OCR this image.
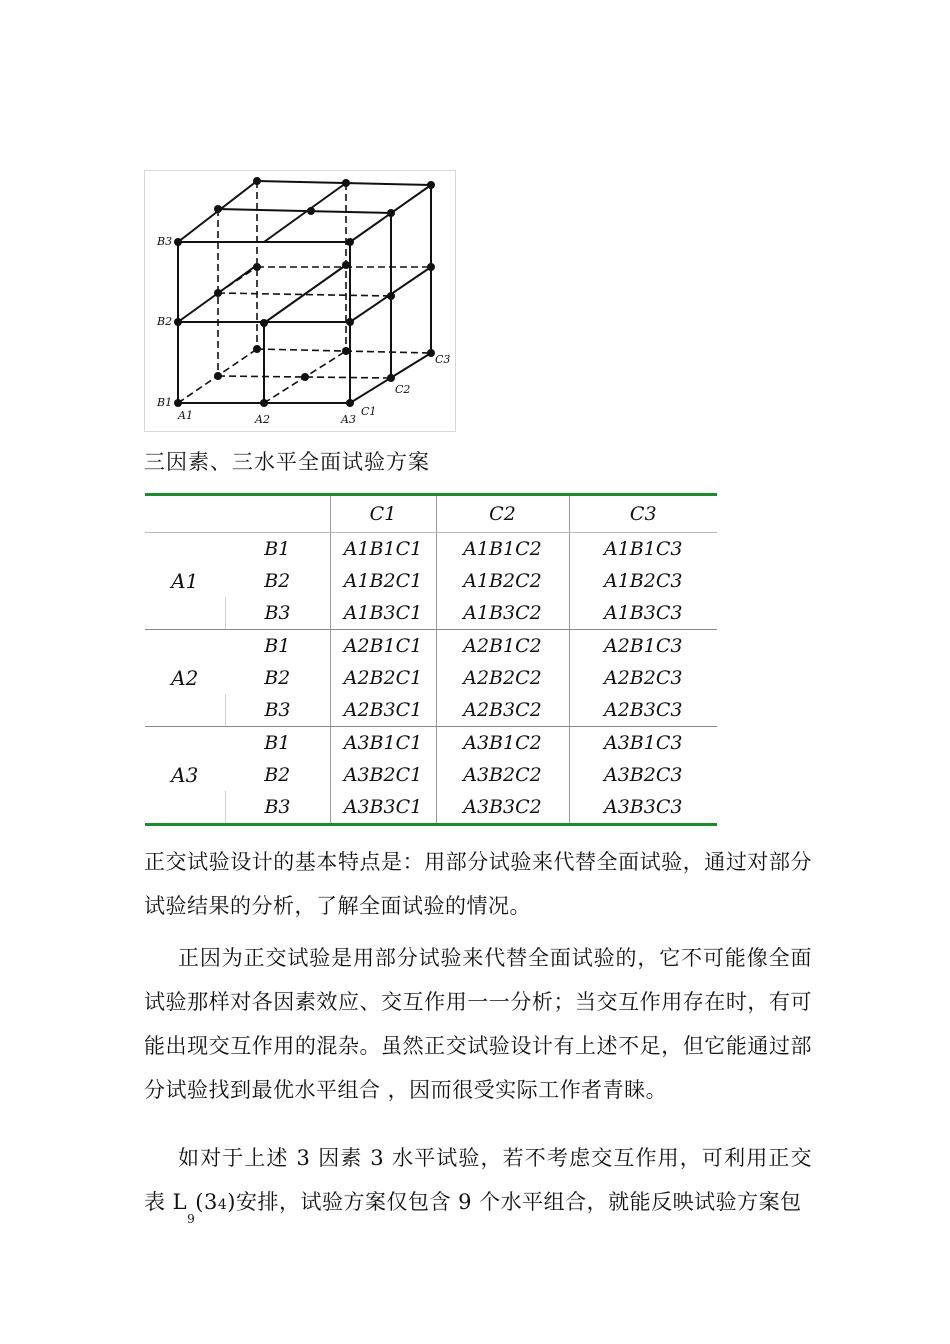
B3
B2
B1
A1	A2	A3
C1
C2
C3
三因素、三水平全面试验方案
		C1	C2	C3
A1	B1	A1B1C1	A1B1C2	A1B1C3
	B2	A1B2C1	A1B2C2	A1B2C3
	B3	A1B3C1	A1B3C2	A1B3C3
A2	B1	A2B1C1	A2B1C2	A2B1C3
	B2	A2B2C1	A2B2C2	A2B2C3
	B3	A2B3C1	A2B3C2	A2B3C3
A3	B1	A3B1C1	A3B1C2	A3B1C3
	B2	A3B2C1	A3B2C2	A3B2C3
	B3	A3B3C1	A3B3C2	A3B3C3

正交试验设计的基本特点是：用部分试验来代替全面试验，通过对部分试验结果的分析，了解全面试验的情况。

正因为正交试验是用部分试验来代替全面试验的，它不可能像全面试验那样对各因素效应、交互作用一一分析；当交互作用存在时，有可能出现交互作用的混杂。虽然正交试验设计有上述不足，但它能通过部分试验找到最优水平组合 ，因而很受实际工作者青睐。

如对于上述 3 因素 3 水平试验，若不考虑交互作用，可利用正交表 $L_9(34)$安排，试验方案仅包含 9 个水平组合，就能反映试验方案包
